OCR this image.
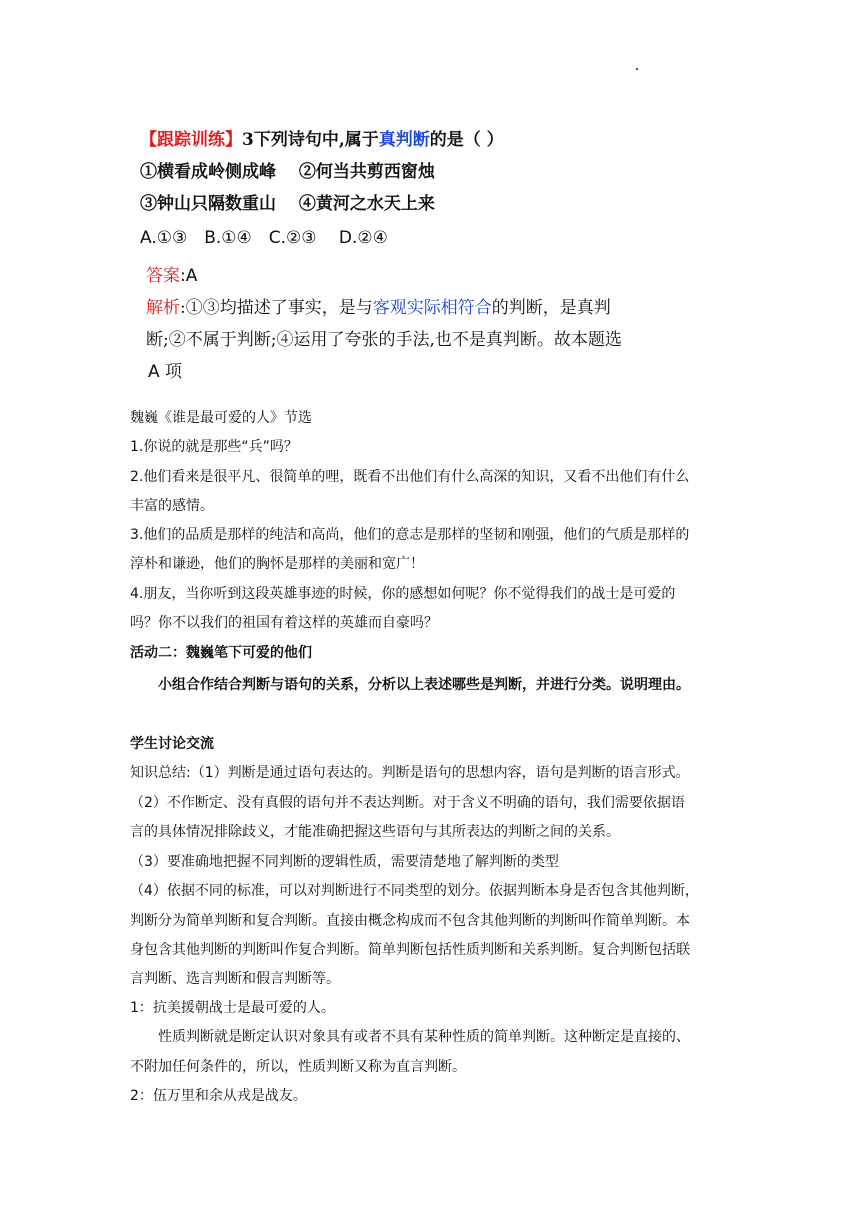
【跟踪训练】3下列诗句中,属于真判断的是（ ）
①横看成岭侧成峰　 ②何当共剪西窗烛
③钟山只隔数重山　 ④黄河之水天上来
A.①③　B.①④　C.②③　 D.②④
答案:A
解析:①③均描述了事实，是与客观实际相符合的判断，是真判
断;②不属于判断;④运用了夸张的手法,也不是真判断。故本题选
A 项
魏巍《谁是最可爱的人》节选
1.你说的就是那些“兵”吗？
2.他们看来是很平凡、很简单的哩，既看不出他们有什么高深的知识，又看不出他们有什么
丰富的感情。
3.他们的品质是那样的纯洁和高尚，他们的意志是那样的坚韧和刚强，他们的气质是那样的
淳朴和谦逊，他们的胸怀是那样的美丽和宽广！
4.朋友，当你听到这段英雄事迹的时候，你的感想如何呢？你不觉得我们的战士是可爱的
吗？你不以我们的祖国有着这样的英雄而自豪吗？
活动二：魏巍笔下可爱的他们
小组合作结合判断与语句的关系，分析以上表述哪些是判断，并进行分类。说明理由。
学生讨论交流
知识总结:（1）判断是通过语句表达的。判断是语句的思想内容，语句是判断的语言形式。
（2）不作断定、没有真假的语句并不表达判断。对于含义不明确的语句，我们需要依据语
言的具体情况排除歧义，才能准确把握这些语句与其所表达的判断之间的关系。
（3）要准确地把握不同判断的逻辑性质，需要清楚地了解判断的类型
（4）依据不同的标准，可以对判断进行不同类型的划分。依据判断本身是否包含其他判断，
判断分为简单判断和复合判断。直接由概念构成而不包含其他判断的判断叫作简单判断。本
身包含其他判断的判断叫作复合判断。简单判断包括性质判断和关系判断。复合判断包括联
言判断、选言判断和假言判断等。
1：抗美援朝战士是最可爱的人。
性质判断就是断定认识对象具有或者不具有某种性质的简单判断。这种断定是直接的、
不附加任何条件的，所以，性质判断又称为直言判断。
2：伍万里和余从戎是战友。
